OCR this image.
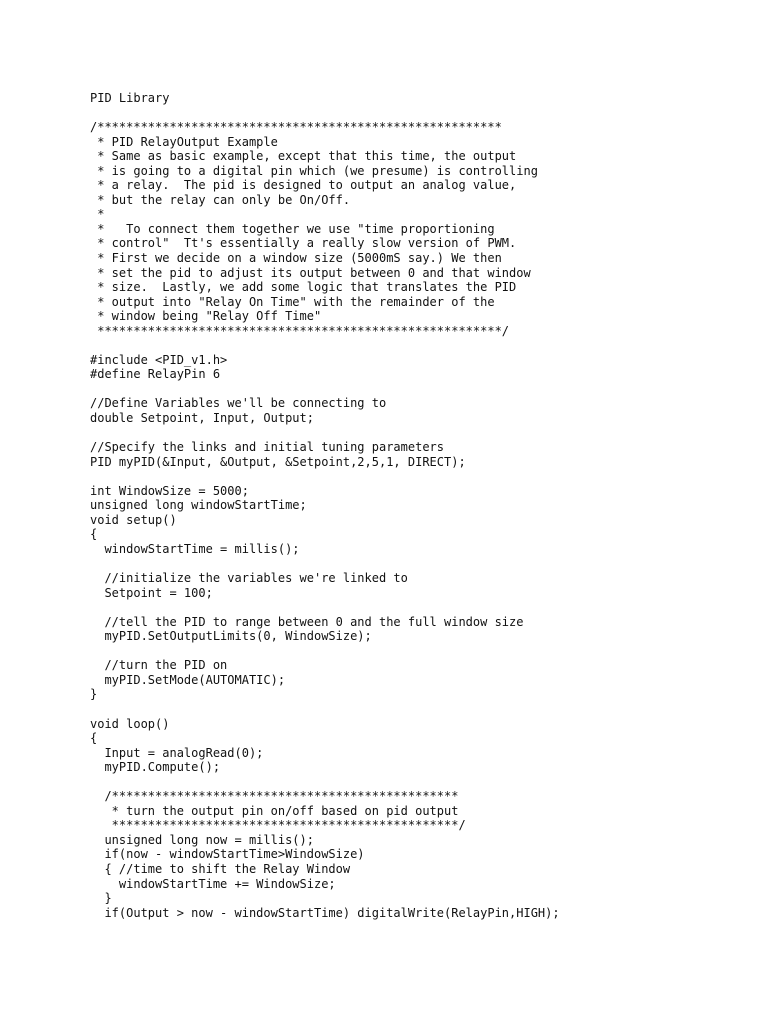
PID Library
/********************************************************
* PID RelayOutput Example
* Same as basic example, except that this time, the output
* is going to a digital pin which (we presume) is controlling
* a relay.  The pid is designed to output an analog value,
* but the relay can only be On/Off.
*
*   To connect them together we use "time proportioning
* control"  Tt's essentially a really slow version of PWM.
* First we decide on a window size (5000mS say.) We then
* set the pid to adjust its output between 0 and that window
* size.  Lastly, we add some logic that translates the PID
* output into "Relay On Time" with the remainder of the
* window being "Relay Off Time"
********************************************************/
#include <PID_v1.h>
#define RelayPin 6
//Define Variables we'll be connecting to
double Setpoint, Input, Output;
//Specify the links and initial tuning parameters
PID myPID(&Input, &Output, &Setpoint,2,5,1, DIRECT);
int WindowSize = 5000;
unsigned long windowStartTime;
void setup()
{
windowStartTime = millis();
//initialize the variables we're linked to
Setpoint = 100;
//tell the PID to range between 0 and the full window size
myPID.SetOutputLimits(0, WindowSize);
//turn the PID on
myPID.SetMode(AUTOMATIC);
}
void loop()
{
Input = analogRead(0);
myPID.Compute();
/************************************************
* turn the output pin on/off based on pid output
************************************************/
unsigned long now = millis();
if(now - windowStartTime>WindowSize)
{ //time to shift the Relay Window
windowStartTime += WindowSize;
}
if(Output > now - windowStartTime) digitalWrite(RelayPin,HIGH);
